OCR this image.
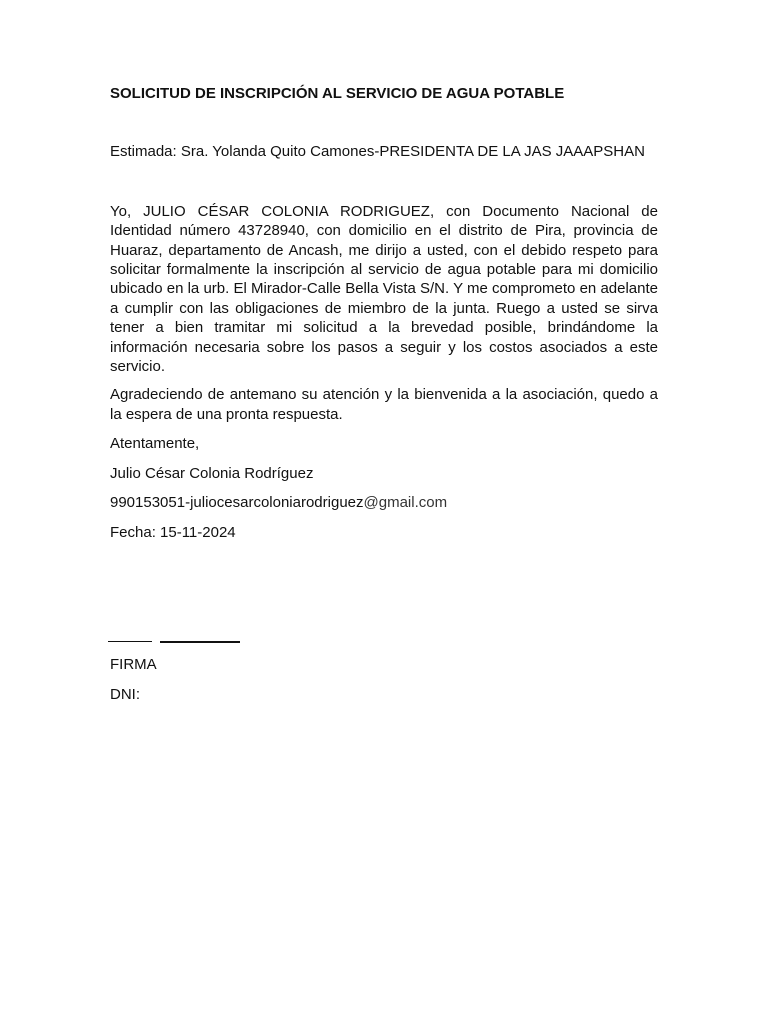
SOLICITUD DE INSCRIPCIÓN AL SERVICIO DE AGUA POTABLE

Estimada: Sra. Yolanda Quito Camones-PRESIDENTA DE LA JAS JAAAPSHAN

Yo, JULIO CÉSAR COLONIA RODRIGUEZ, con Documento Nacional de Identidad número 43728940, con domicilio en el distrito de Pira, provincia de Huaraz, departamento de Ancash, me dirijo a usted, con el debido respeto para solicitar formalmente la inscripción al servicio de agua potable para mi domicilio ubicado en la urb. El Mirador-Calle Bella Vista S/N. Y me comprometo en adelante a cumplir con las obligaciones de miembro de la junta. Ruego a usted se sirva tener a bien tramitar mi solicitud a la brevedad posible, brindándome la información necesaria sobre los pasos a seguir y los costos asociados a este servicio.

Agradeciendo de antemano su atención y la bienvenida a la asociación, quedo a la espera de una pronta respuesta.

Atentamente,

Julio César Colonia Rodríguez

990153051-juliocesarcoloniarodriguez@gmail.com

Fecha: 15-11-2024

FIRMA
DNI:
